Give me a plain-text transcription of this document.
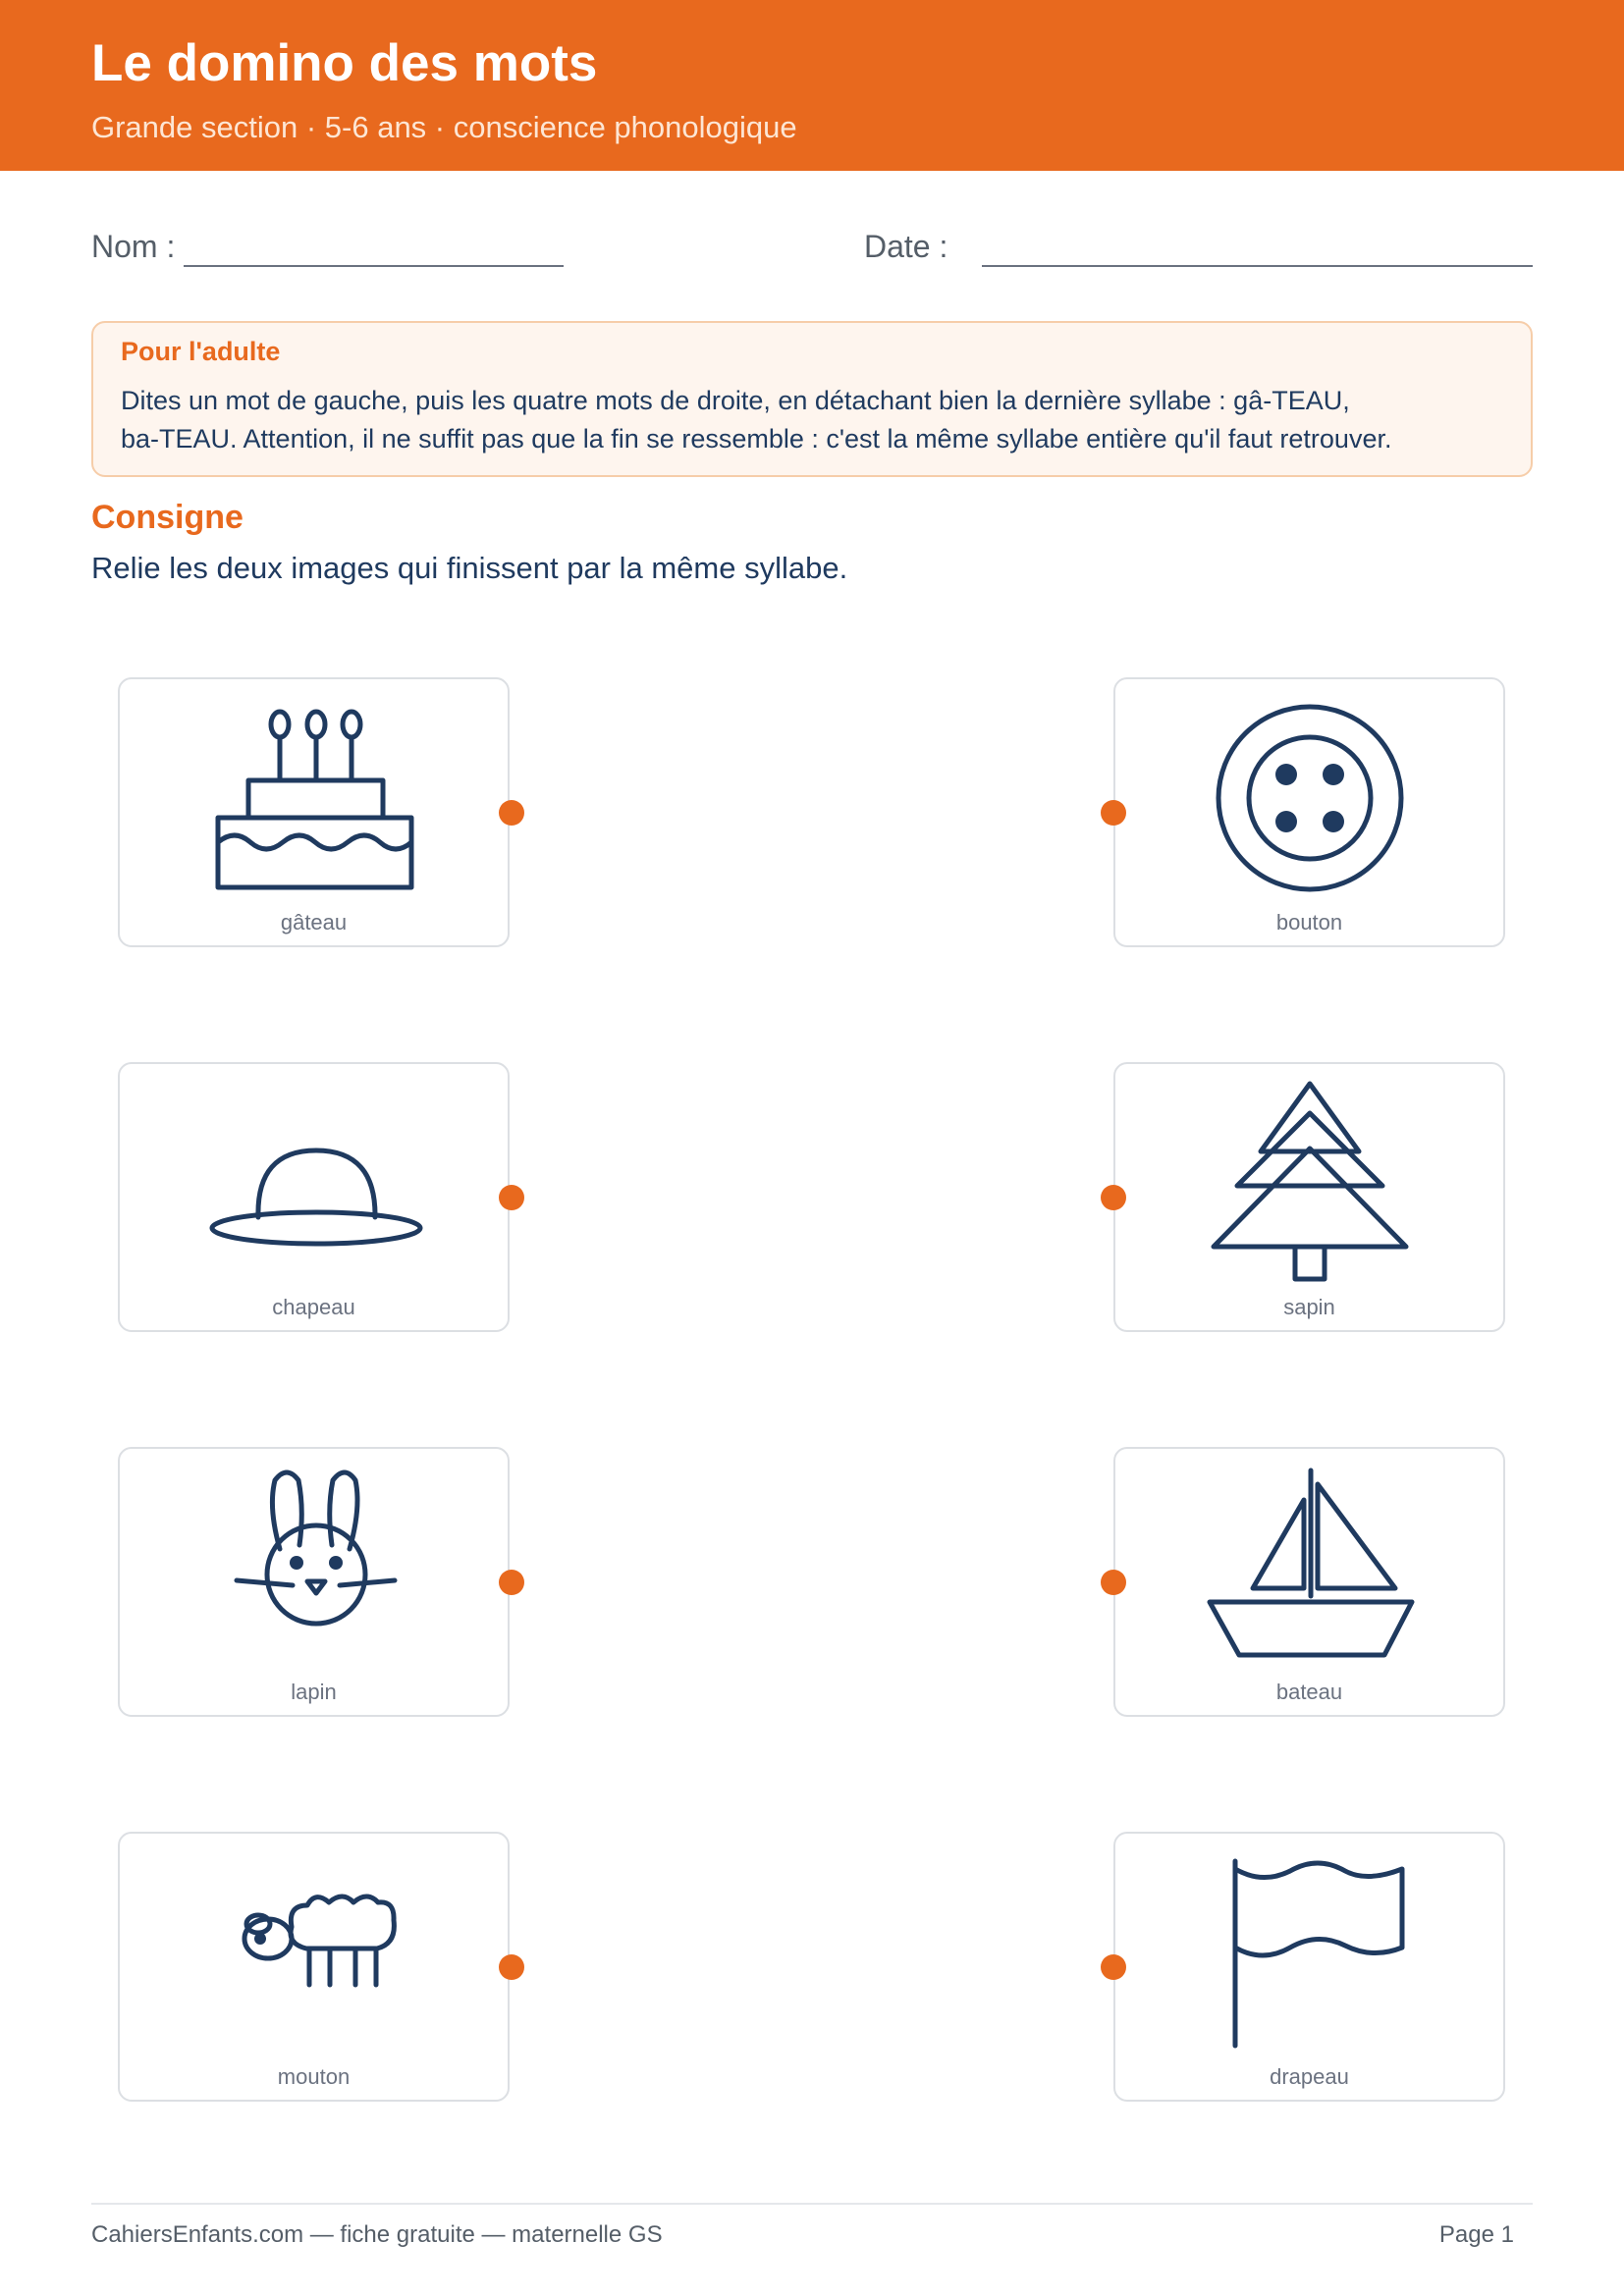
Le domino des mots
Grande section · 5-6 ans · conscience phonologique
Nom :	Date :
Pour l'adulte
Dites un mot de gauche, puis les quatre mots de droite, en détachant bien la dernière syllabe : gâ-TEAU,
ba-TEAU. Attention, il ne suffit pas que la fin se ressemble : c'est la même syllabe entière qu'il faut retrouver.
Consigne
Relie les deux images qui finissent par la même syllabe.
gâteau
chapeau
lapin
mouton
bouton
sapin
bateau
drapeau
CahiersEnfants.com — fiche gratuite — maternelle GS	Page 1
